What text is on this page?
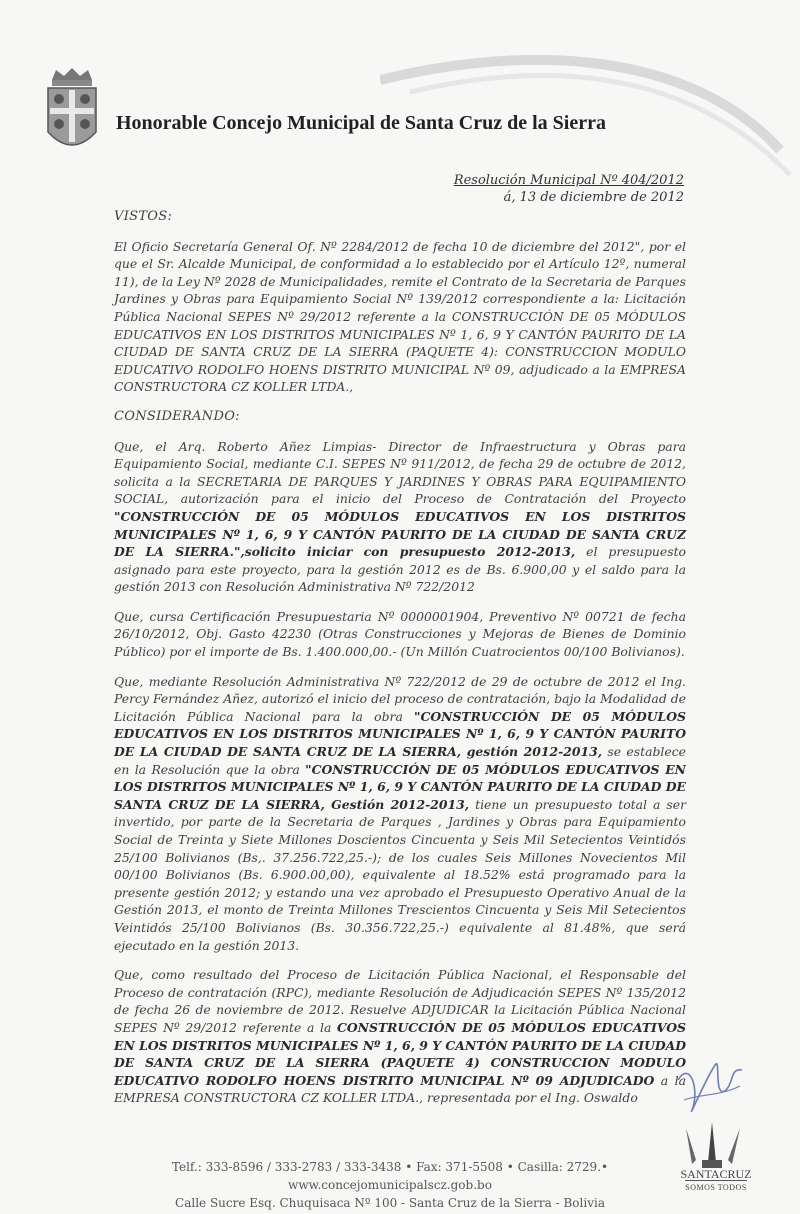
Honorable Concejo Municipal de Santa Cruz de la Sierra
Resolución Municipal Nº 404/2012
á, 13 de diciembre de 2012
VISTOS:

El Oficio Secretaría General Of. Nº 2284/2012 de fecha 10 de diciembre del 2012", por el que el Sr. Alcalde Municipal, de conformidad a lo establecido por el Artículo 12º, numeral 11), de la Ley Nº 2028 de Municipalidades, remite el Contrato de la Secretaria de Parques Jardines y Obras para Equipamiento Social Nº 139/2012 correspondiente a la: Licitación Pública Nacional SEPES Nº 29/2012 referente a la CONSTRUCCIÓN DE 05 MÓDULOS EDUCATIVOS EN LOS DISTRITOS MUNICIPALES Nº 1, 6, 9 Y CANTÓN PAURITO DE LA CIUDAD DE SANTA CRUZ DE LA SIERRA (PAQUETE 4): CONSTRUCCION MODULO EDUCATIVO RODOLFO HOENS DISTRITO MUNICIPAL Nº 09, adjudicado a la EMPRESA CONSTRUCTORA CZ KOLLER LTDA.,

CONSIDERANDO:

Que, el Arq. Roberto Añez Limpias- Director de Infraestructura y Obras para Equipamiento Social, mediante C.I. SEPES Nº 911/2012, de fecha 29 de octubre de 2012, solicita a la SECRETARIA DE PARQUES Y JARDINES Y OBRAS PARA EQUIPAMIENTO SOCIAL, autorización para el inicio del Proceso de Contratación del Proyecto "CONSTRUCCIÓN DE 05 MÓDULOS EDUCATIVOS EN LOS DISTRITOS MUNICIPALES Nº 1, 6, 9 Y CANTÓN PAURITO DE LA CIUDAD DE SANTA CRUZ DE LA SIERRA.",solicito iniciar con presupuesto 2012-2013, el presupuesto asignado para este proyecto, para la gestión 2012 es de Bs. 6.900,00 y el saldo para la gestión 2013 con Resolución Administrativa Nº 722/2012

Que, cursa Certificación Presupuestaria Nº 0000001904, Preventivo Nº 00721 de fecha 26/10/2012, Obj. Gasto 42230 (Otras Construcciones y Mejoras de Bienes de Dominio Público) por el importe de Bs. 1.400.000,00.- (Un Millón Cuatrocientos 00/100 Bolivianos).

Que, mediante Resolución Administrativa Nº 722/2012 de 29 de octubre de 2012 el Ing. Percy Fernández Añez, autorizó el inicio del proceso de contratación, bajo la Modalidad de Licitación Pública Nacional para la obra "CONSTRUCCIÓN DE 05 MÓDULOS EDUCATIVOS EN LOS DISTRITOS MUNICIPALES Nº 1, 6, 9 Y CANTÓN PAURITO DE LA CIUDAD DE SANTA CRUZ DE LA SIERRA, gestión 2012-2013, se establece en la Resolución que la obra "CONSTRUCCIÓN DE 05 MÓDULOS EDUCATIVOS EN LOS DISTRITOS MUNICIPALES Nº 1, 6, 9 Y CANTÓN PAURITO DE LA CIUDAD DE SANTA CRUZ DE LA SIERRA, Gestión 2012-2013, tiene un presupuesto total a ser invertido, por parte de la Secretaria de Parques , Jardines y Obras para Equipamiento Social de Treinta y Siete Millones Doscientos Cincuenta y Seis Mil Setecientos Veintidós 25/100 Bolivianos (Bs,. 37.256.722,25.-); de los cuales Seis Millones Novecientos Mil 00/100 Bolivianos (Bs. 6.900.00,00), equivalente al 18.52% está programado para la presente gestión 2012; y estando una vez aprobado el Presupuesto Operativo Anual de la Gestión 2013, el monto de Treinta Millones Trescientos Cincuenta y Seis Mil Setecientos Veintidós 25/100 Bolivianos (Bs. 30.356.722,25.-) equivalente al 81.48%, que será ejecutado en la gestión 2013.

Que, como resultado del Proceso de Licitación Pública Nacional, el Responsable del Proceso de contratación (RPC), mediante Resolución de Adjudicación SEPES Nº 135/2012 de fecha 26 de noviembre de 2012. Resuelve ADJUDICAR la Licitación Pública Nacional SEPES Nº 29/2012 referente a la CONSTRUCCIÓN DE 05 MÓDULOS EDUCATIVOS EN LOS DISTRITOS MUNICIPALES Nº 1, 6, 9 Y CANTÓN PAURITO DE LA CIUDAD DE SANTA CRUZ DE LA SIERRA (PAQUETE 4) CONSTRUCCION MODULO EDUCATIVO RODOLFO HOENS DISTRITO MUNICIPAL Nº 09 ADJUDICADO a la EMPRESA CONSTRUCTORA CZ KOLLER LTDA., representada por el Ing. Oswaldo

SANTACRUZ
SOMOS TODOS
Telf.: 333-8596 / 333-2783 / 333-3438 • Fax: 371-5508 • Casilla: 2729.• www.concejomunicipalscz.gob.bo
Calle Sucre Esq. Chuquisaca Nº 100 - Santa Cruz de la Sierra - Bolivia
